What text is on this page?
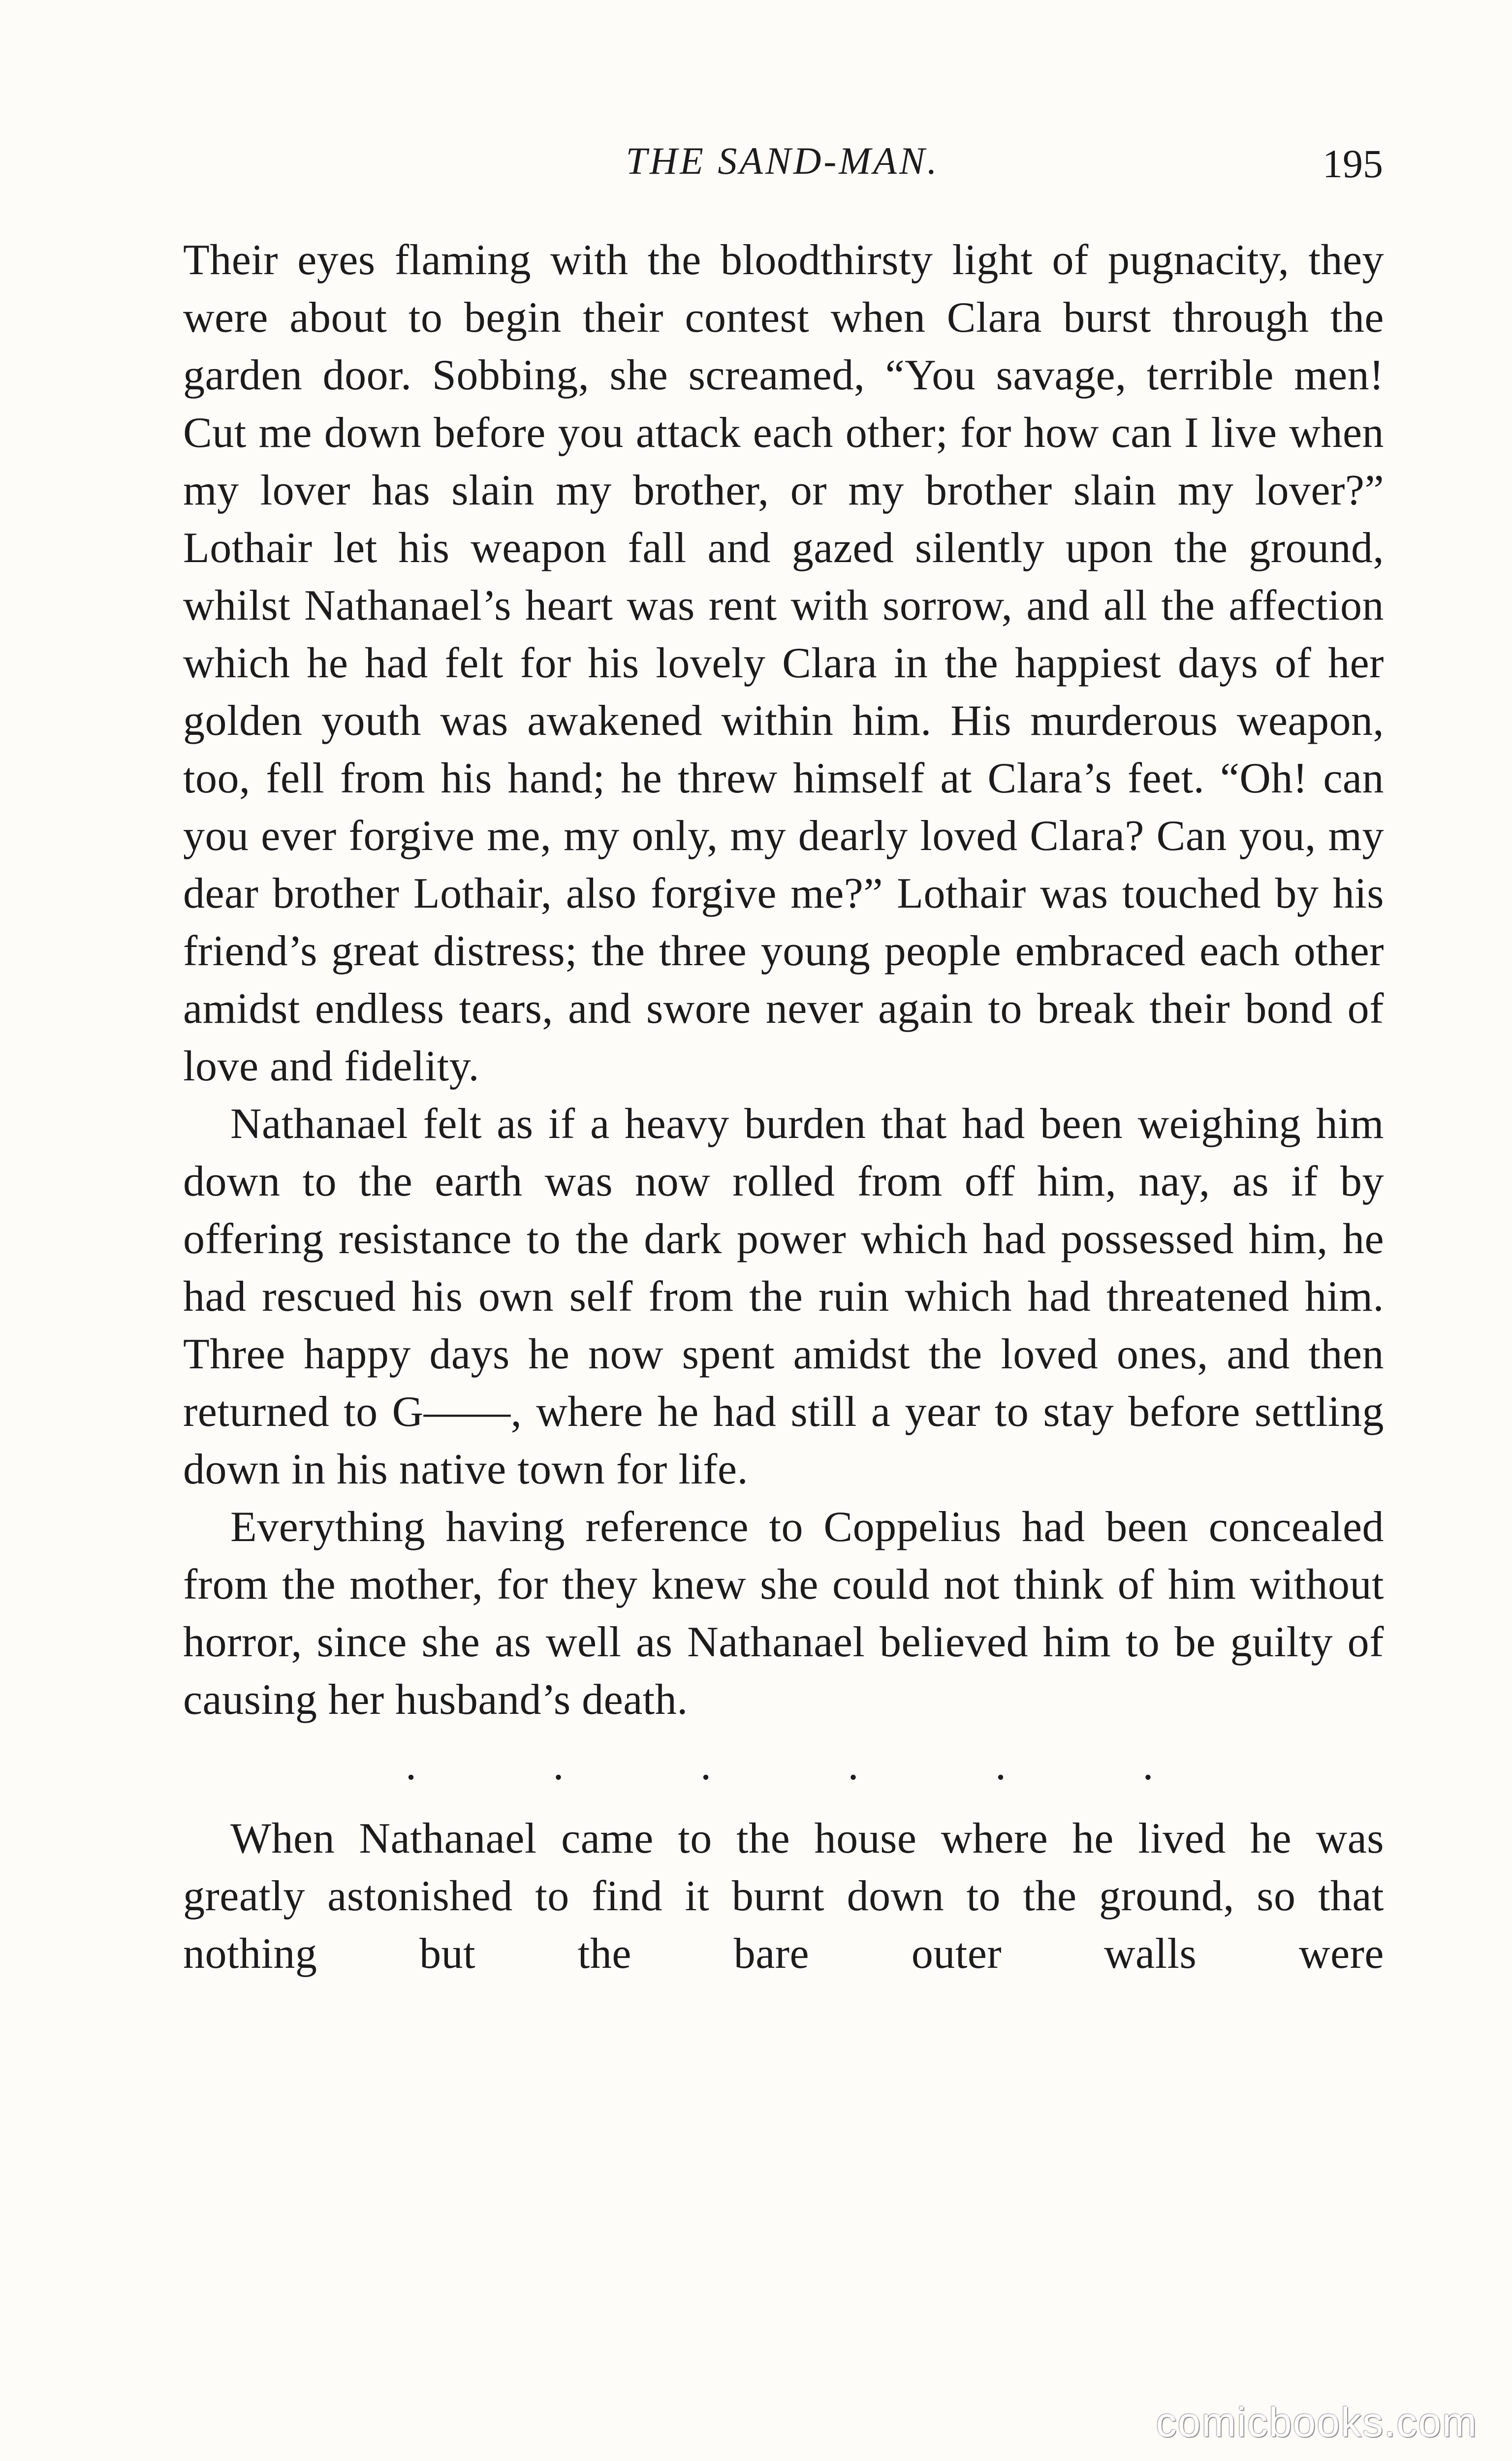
THE SAND-MAN.	195

Their eyes flaming with the bloodthirsty light of pugnacity, they were about to begin their contest when Clara burst through the garden door. Sobbing, she screamed, “You savage, terrible men! Cut me down before you attack each other; for how can I live when my lover has slain my brother, or my brother slain my lover?” Lothair let his weapon fall and gazed silently upon the ground, whilst Nathanael’s heart was rent with sorrow, and all the affection which he had felt for his lovely Clara in the happiest days of her golden youth was awakened within him. His murderous weapon, too, fell from his hand; he threw himself at Clara’s feet. “Oh! can you ever forgive me, my only, my dearly loved Clara? Can you, my dear brother Lothair, also forgive me?” Lothair was touched by his friend’s great distress; the three young people embraced each other amidst endless tears, and swore never again to break their bond of love and fidelity.

Nathanael felt as if a heavy burden that had been weighing him down to the earth was now rolled from off him, nay, as if by offering resistance to the dark power which had possessed him, he had rescued his own self from the ruin which had threatened him. Three happy days he now spent amidst the loved ones, and then returned to G——, where he had still a year to stay before settling down in his native town for life.

Everything having reference to Coppelius had been concealed from the mother, for they knew she could not think of him without horror, since she as well as Nathanael believed him to be guilty of causing her husband’s death.

.	.	.	.	.	.

When Nathanael came to the house where he lived he was greatly astonished to find it burnt down to the ground, so that nothing but the bare outer walls were

comicbooks.com
